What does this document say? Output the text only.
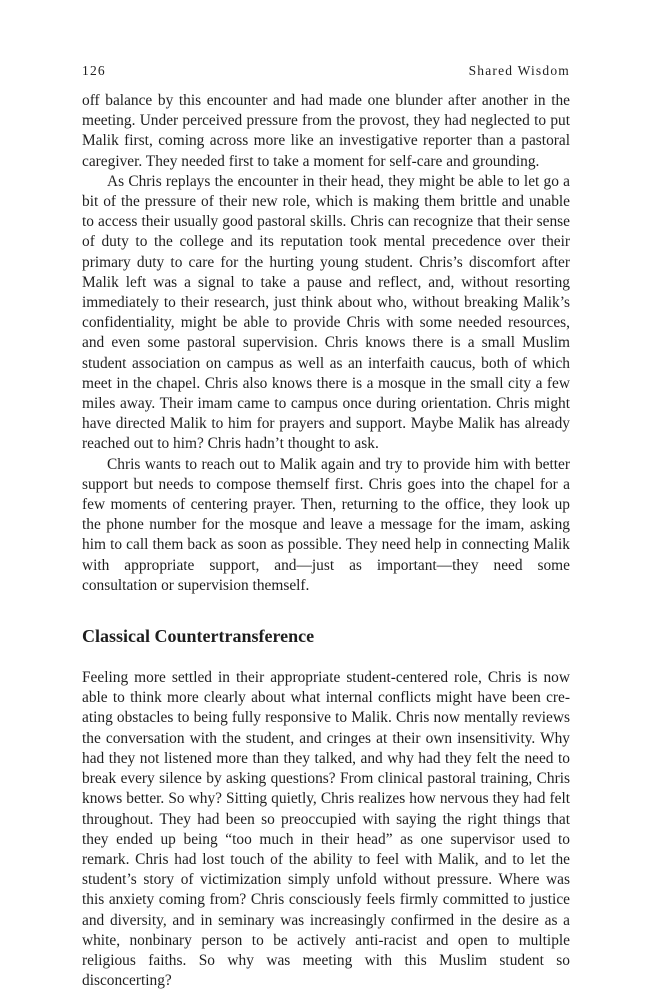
126	Shared Wisdom

off balance by this encounter and had made one blunder after another in the meeting. Under perceived pressure from the provost, they had neglected to put Malik first, coming across more like an investigative reporter than a pastoral caregiver. They needed first to take a moment for self-care and grounding.

As Chris replays the encounter in their head, they might be able to let go a bit of the pressure of their new role, which is making them brittle and unable to access their usually good pastoral skills. Chris can recognize that their sense of duty to the college and its reputation took mental precedence over their primary duty to care for the hurting young student. Chris’s discomfort after Malik left was a signal to take a pause and reflect, and, without resorting immediately to their research, just think about who, without breaking Malik’s confidentiality, might be able to provide Chris with some needed resources, and even some pastoral supervision. Chris knows there is a small Muslim student association on campus as well as an interfaith caucus, both of which meet in the chapel. Chris also knows there is a mosque in the small city a few miles away. Their imam came to campus once during orientation. Chris might have directed Malik to him for prayers and support. Maybe Malik has already reached out to him? Chris hadn’t thought to ask.

Chris wants to reach out to Malik again and try to provide him with better support but needs to compose themself first. Chris goes into the chapel for a few moments of centering prayer. Then, returning to the office, they look up the phone number for the mosque and leave a message for the imam, asking him to call them back as soon as possible. They need help in connecting Malik with appropriate support, and—just as important—they need some consultation or supervision themself.

Classical Countertransference

Feeling more settled in their appropriate student-centered role, Chris is now able to think more clearly about what internal conflicts might have been creating obstacles to being fully responsive to Malik. Chris now mentally reviews the conversation with the student, and cringes at their own insensitivity. Why had they not listened more than they talked, and why had they felt the need to break every silence by asking questions? From clinical pastoral training, Chris knows better. So why? Sitting quietly, Chris realizes how nervous they had felt throughout. They had been so preoccupied with saying the right things that they ended up being “too much in their head” as one supervisor used to remark. Chris had lost touch of the ability to feel with Malik, and to let the student’s story of victimization simply unfold without pressure. Where was this anxiety coming from? Chris consciously feels firmly committed to justice and diversity, and in seminary was increasingly confirmed in the desire as a white, nonbinary person to be actively anti-racist and open to multiple religious faiths. So why was meeting with this Muslim student so disconcerting?
